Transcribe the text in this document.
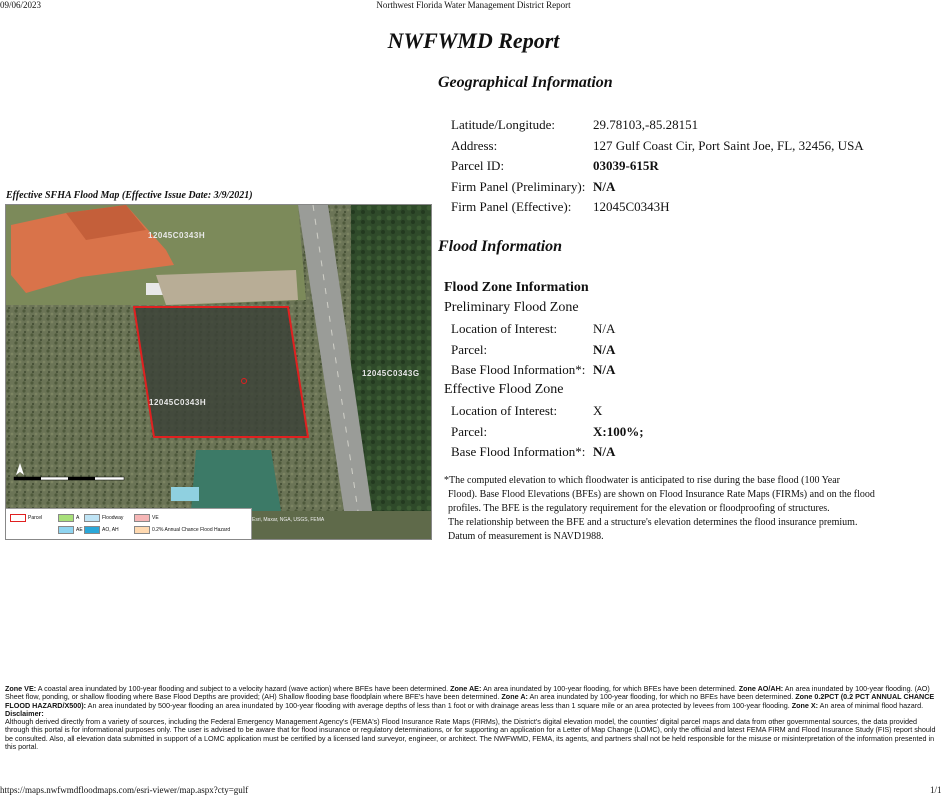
09/06/2023	Northwest Florida Water Management District Report
NWFWMD Report
Geographical Information
Latitude/Longitude:	29.78103,-85.28151
Address:	127 Gulf Coast Cir, Port Saint Joe, FL, 32456, USA
Parcel ID:	03039-615R
Firm Panel (Preliminary): N/A
Firm Panel (Effective): 12045C0343H
Effective SFHA Flood Map (Effective Issue Date: 3/9/2021)
12045C0343H
12045C0343H
12045C0343G
Esri, Maxar, NGA, USGS, FEMA
Parcel	A	Floodway	VE
AE	AO, AH	0.2% Annual Chance Flood Hazard
Flood Information
Flood Zone Information
Preliminary Flood Zone
Location of Interest:	N/A
Parcel:	N/A
Base Flood Information*: N/A
Effective Flood Zone
Location of Interest:	X
Parcel:	X:100%;
Base Flood Information*: N/A
*The computed elevation to which floodwater is anticipated to rise during the base flood (100 Year
Flood). Base Flood Elevations (BFEs) are shown on Flood Insurance Rate Maps (FIRMs) and on the flood
profiles. The BFE is the regulatory requirement for the elevation or floodproofing of structures.
The relationship between the BFE and a structure's elevation determines the flood insurance premium.
Datum of measurement is NAVD1988.
Zone VE: A coastal area inundated by 100-year flooding and subject to a velocity hazard (wave action) where BFEs have been determined. Zone AE: An area inundated by 100-year flooding, for which BFEs have been determined. Zone AO/AH: An area inundated by 100-year flooding. (AO) Sheet flow, ponding, or shallow flooding where Base Flood Depths are provided; (AH) Shallow flooding base floodplain where BFE's have been determined. Zone A: An area inundated by 100-year flooding, for which no BFEs have been determined. Zone 0.2PCT (0.2 PCT ANNUAL CHANCE FLOOD HAZARD/X500): An area inundated by 500-year flooding an area inundated by 100-year flooding with average depths of less than 1 foot or with drainage areas less than 1 square mile or an area protected by levees from 100-year flooding. Zone X: An area of minimal flood hazard.
Disclaimer:
Although derived directly from a variety of sources, including the Federal Emergency Management Agency's (FEMA's) Flood Insurance Rate Maps (FIRMs), the District's digital elevation model, the counties' digital parcel maps and data from other governmental sources, the data provided through this portal is for informational purposes only. The user is advised to be aware that for flood insurance or regulatory determinations, or for supporting an application for a Letter of Map Change (LOMC), only the official and latest FEMA FIRM and Flood Insurance Study (FIS) report should be consulted. Also, all elevation data submitted in support of a LOMC application must be certified by a licensed land surveyor, engineer, or architect. The NWFWMD, FEMA, its agents, and partners shall not be held responsible for the misuse or misinterpretation of the information presented in this portal.
https://maps.nwfwmdfloodmaps.com/esri-viewer/map.aspx?cty=gulf	1/1
